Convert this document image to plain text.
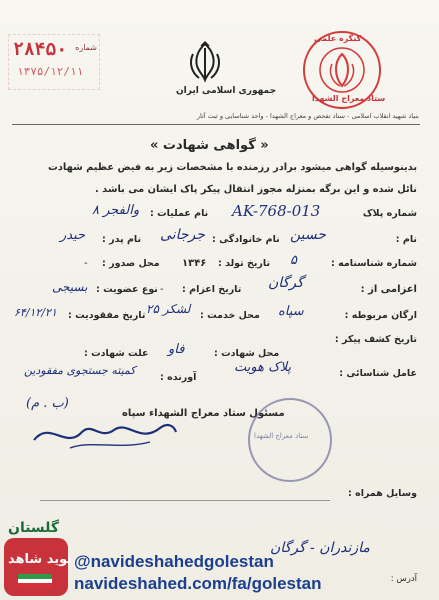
۲۸۴۵۰ شماره
۱۳۷۵/۱۲/۱۱
جمهوری اسلامی ایران
کنگره علمی
ستاد معراج الشهدا
بنیاد شهید انقلاب اسلامی - ستاد تفحص و معراج الشهدا - واحد شناسایی و ثبت آثار
« گواهی شهادت »
بدینوسیله گواهی میشود برادر رزمنده با مشخصات زیر به فیض عظیم شهادت
نائل شده و این برگه بمنزله مجوز انتقال پیکر پاک ایشان می باشد .
شماره پلاک
AK-768-013
نام عملیات :
والفجر ۸
نام :
حسین
نام خانوادگی :
جرجانی
نام پدر :
حیدر
شماره شناسنامه :
۵
تاریخ تولد :
۱۳۴۶
محل صدور :
-
اعزامی از :
گرگان
تاریخ اعزام :
-
نوع عضویت :
بسیجی
ارگان مربوطه :
سپاه
محل خدمت :
لشکر ۲۵
تاریخ مفقودیت :
۶۴/۱۲/۲۱
تاریخ کشف پیکر :
محل شهادت :
فاو
علت شهادت :
عامل شناسائی :
پلاک هویت
آورنده :
کمیته جستجوی مفقودین
(ب . م)
مسئول ستاد معراج الشهداء سپاه
ستاد معراج الشهدا
وسایل همراه :
آدرس :
مازندران - گرگان
گلستان
نوید شاهد @navideshahedgolestan
navideshahed.com/fa/golestan
